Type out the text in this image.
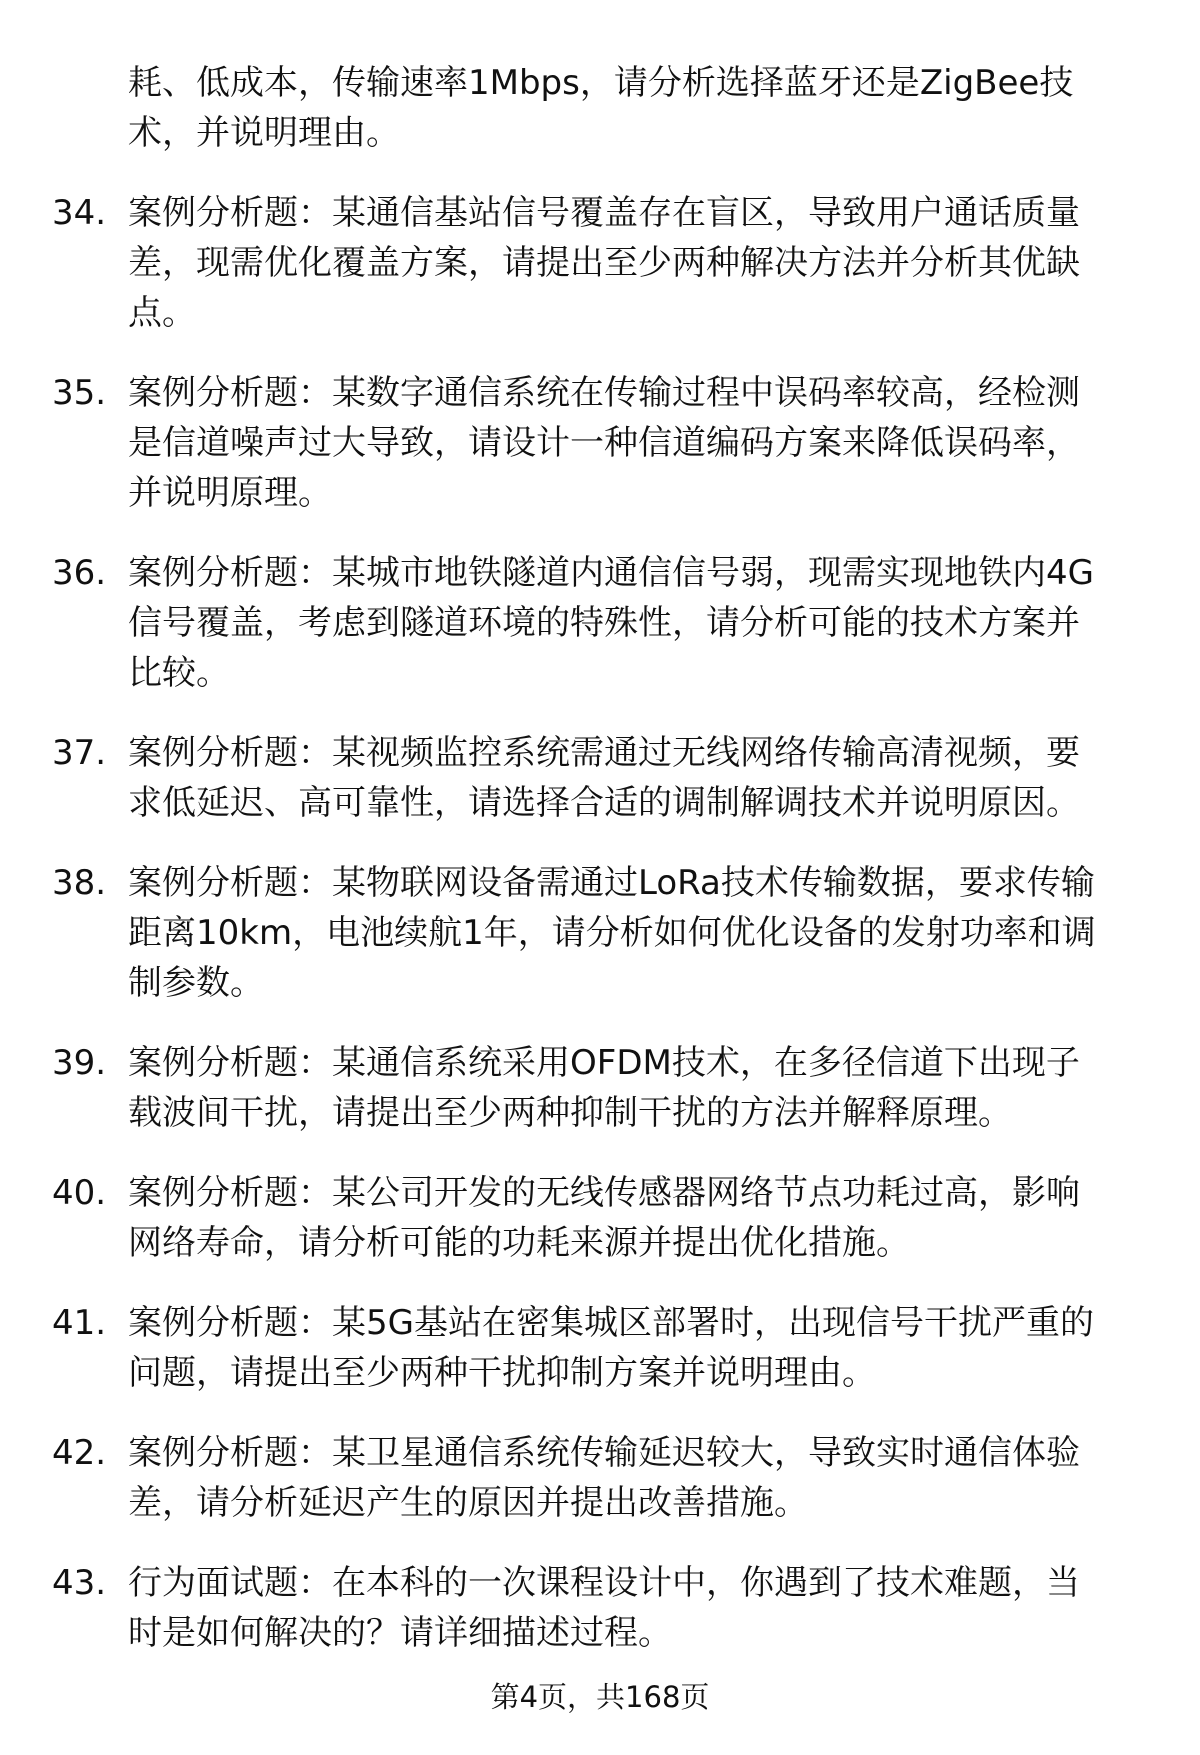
耗、低成本，传输速率1Mbps，请分析选择蓝牙还是ZigBee技
术，并说明理由。
34. 案例分析题：某通信基站信号覆盖存在盲区，导致用户通话质量
差，现需优化覆盖方案，请提出至少两种解决方法并分析其优缺
点。
35. 案例分析题：某数字通信系统在传输过程中误码率较高，经检测
是信道噪声过大导致，请设计一种信道编码方案来降低误码率，
并说明原理。
36. 案例分析题：某城市地铁隧道内通信信号弱，现需实现地铁内4G
信号覆盖，考虑到隧道环境的特殊性，请分析可能的技术方案并
比较。
37. 案例分析题：某视频监控系统需通过无线网络传输高清视频，要
求低延迟、高可靠性，请选择合适的调制解调技术并说明原因。
38. 案例分析题：某物联网设备需通过LoRa技术传输数据，要求传输
距离10km，电池续航1年，请分析如何优化设备的发射功率和调
制参数。
39. 案例分析题：某通信系统采用OFDM技术，在多径信道下出现子
载波间干扰，请提出至少两种抑制干扰的方法并解释原理。
40. 案例分析题：某公司开发的无线传感器网络节点功耗过高，影响
网络寿命，请分析可能的功耗来源并提出优化措施。
41. 案例分析题：某5G基站在密集城区部署时，出现信号干扰严重的
问题，请提出至少两种干扰抑制方案并说明理由。
42. 案例分析题：某卫星通信系统传输延迟较大，导致实时通信体验
差，请分析延迟产生的原因并提出改善措施。
43. 行为面试题：在本科的一次课程设计中，你遇到了技术难题，当
时是如何解决的？请详细描述过程。
第4页，共168页
